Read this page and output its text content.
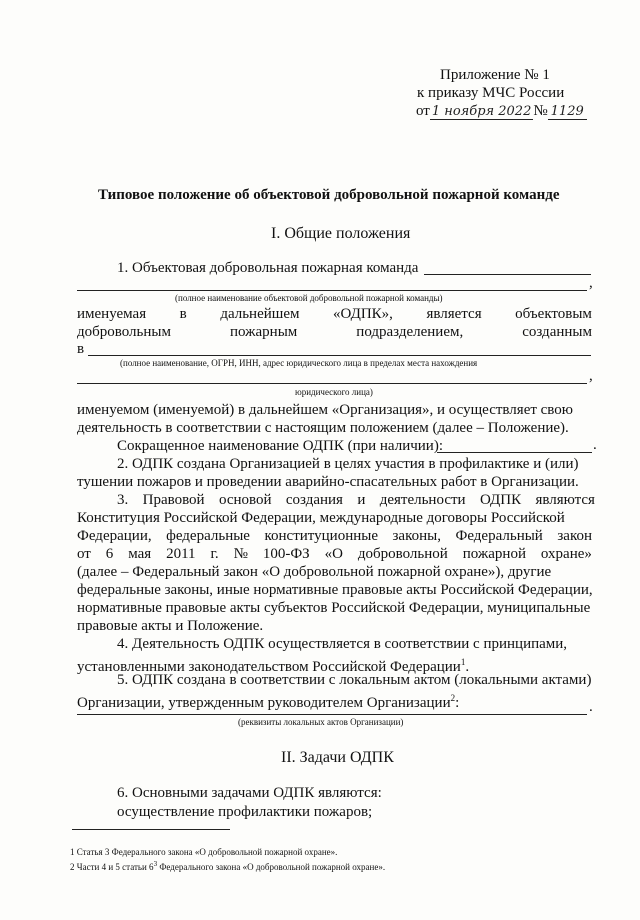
Приложение № 1
к приказу МЧС России
от 1 ноября 2022 № 1129
Типовое положение об объектовой добровольной пожарной команде
I. Общие положения
1. Объектовая добровольная пожарная команда
,
(полное наименование объектовой добровольной пожарной команды)
именуемая в дальнейшем «ОДПК», является объектовым
добровольным	пожарным	подразделением,	созданным
в
(полное наименование, ОГРН, ИНН, адрес юридического лица в пределах места нахождения
,
юридического лица)
именуемом (именуемой) в дальнейшем «Организация», и осуществляет свою
деятельность в соответствии с настоящим положением (далее – Положение).
Сокращенное наименование ОДПК (при наличии):	.
2. ОДПК создана Организацией в целях участия в профилактике и (или)
тушении пожаров и проведении аварийно-спасательных работ в Организации.
3. Правовой основой создания и деятельности ОДПК являются
Конституция Российской Федерации, международные договоры Российской
Федерации, федеральные конституционные законы, Федеральный закон
от 6 мая 2011 г. № 100-ФЗ «О добровольной пожарной охране»
(далее – Федеральный закон «О добровольной пожарной охране»), другие
федеральные законы, иные нормативные правовые акты Российской Федерации,
нормативные правовые акты субъектов Российской Федерации, муниципальные
правовые акты и Положение.
4. Деятельность ОДПК осуществляется в соответствии с принципами,
установленными законодательством Российской Федерации$^1$.
5. ОДПК создана в соответствии с локальным актом (локальными актами)
Организации, утвержденным руководителем Организации$^2$:	.
(реквизиты локальных актов Организации)
II. Задачи ОДПК
6. Основными задачами ОДПК являются:
осуществление профилактики пожаров;
1 Статья 3 Федерального закона «О добровольной пожарной охране».
2 Части 4 и 5 статьи $6^3$ Федерального закона «О добровольной пожарной охране».
